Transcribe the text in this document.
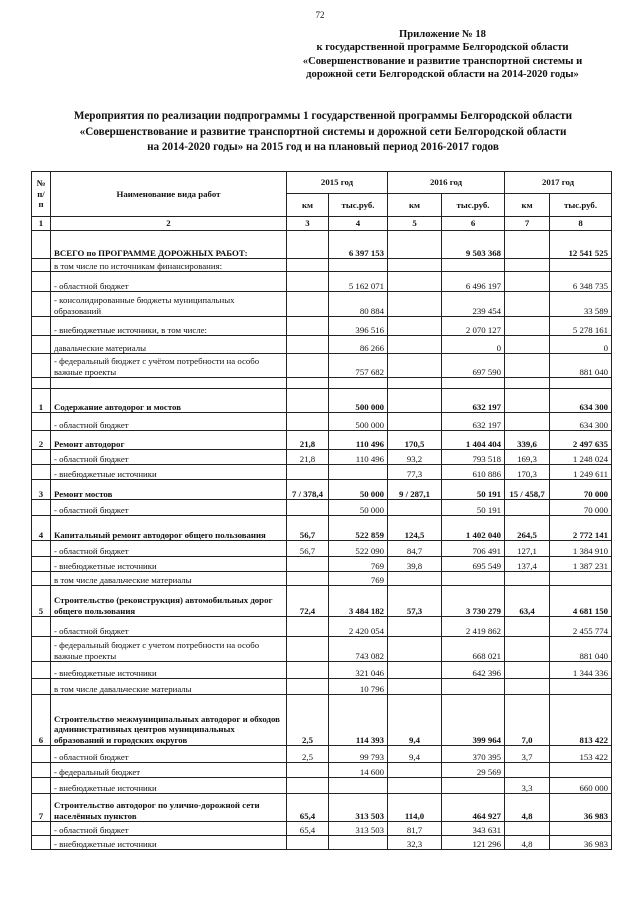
72
Приложение № 18
к государственной программе Белгородской области
«Совершенствование и развитие транспортной системы и
дорожной сети Белгородской области на 2014-2020 годы»
Мероприятия по реализации подпрограммы 1 государственной программы Белгородской области
«Совершенствование и развитие транспортной системы и дорожной сети Белгородской области
на 2014-2020 годы» на 2015 год и на плановый период 2016-2017 годов
№ п/п	Наименование вида работ	2015 год		2016 год		2017 год	
		км	тыс.руб.	км	тыс.руб.	км	тыс.руб.
1	2	3	4	5	6	7	8
	ВСЕГО по ПРОГРАММЕ ДОРОЖНЫХ РАБОТ:		6 397 153		9 503 368		12 541 525
	в том числе по источникам финансирования:						
	- областной бюджет		5 162 071		6 496 197		6 348 735
	- консолидированные бюджеты муниципальных образований		80 884		239 454		33 589
	- внебюджетные источники, в том числе:		396 516		2 070 127		5 278 161
	давальческие материалы		86 266		0		0
	- федеральный бюджет с учётом потребности на особо важные проекты		757 682		697 590		881 040

1	Содержание автодорог и мостов		500 000		632 197		634 300
	- областной бюджет		500 000		632 197		634 300
2	Ремонт автодорог	21,8	110 496	170,5	1 404 404	339,6	2 497 635
	- областной бюджет	21,8	110 496	93,2	793 518	169,3	1 248 024
	- внебюджетные источники			77,3	610 886	170,3	1 249 611
3	Ремонт мостов	7 / 378,4	50 000	9 / 287,1	50 191	15 / 458,7	70 000
	- областной бюджет		50 000		50 191		70 000
4	Капитальный ремонт автодорог общего пользования	56,7	522 859	124,5	1 402 040	264,5	2 772 141
	- областной бюджет	56,7	522 090	84,7	706 491	127,1	1 384 910
	- внебюджетные источники		769	39,8	695 549	137,4	1 387 231
	в том числе давальческие материалы		769				
5	Строительство (реконструкция) автомобильных дорог общего пользования	72,4	3 484 182	57,3	3 730 279	63,4	4 681 150
	- областной бюджет		2 420 054		2 419 862		2 455 774
	- федеральный бюджет с учетом потребности на особо важные проекты		743 082		668 021		881 040
	- внебюджетные источники		321 046		642 396		1 344 336
	в том числе давальческие материалы		10 796				
6	Строительство межмуниципальных автодорог и обходов административных центров муниципальных образований и городских округов	2,5	114 393	9,4	399 964	7,0	813 422
	- областной бюджет	2,5	99 793	9,4	370 395	3,7	153 422
	- федеральный бюджет		14 600		29 569		
	- внебюджетные источники					3,3	660 000
7	Строительство автодорог по улично-дорожной сети населённых пунктов	65,4	313 503	114,0	464 927	4,8	36 983
	- областной бюджет	65,4	313 503	81,7	343 631		
	- внебюджетные источники			32,3	121 296	4,8	36 983
